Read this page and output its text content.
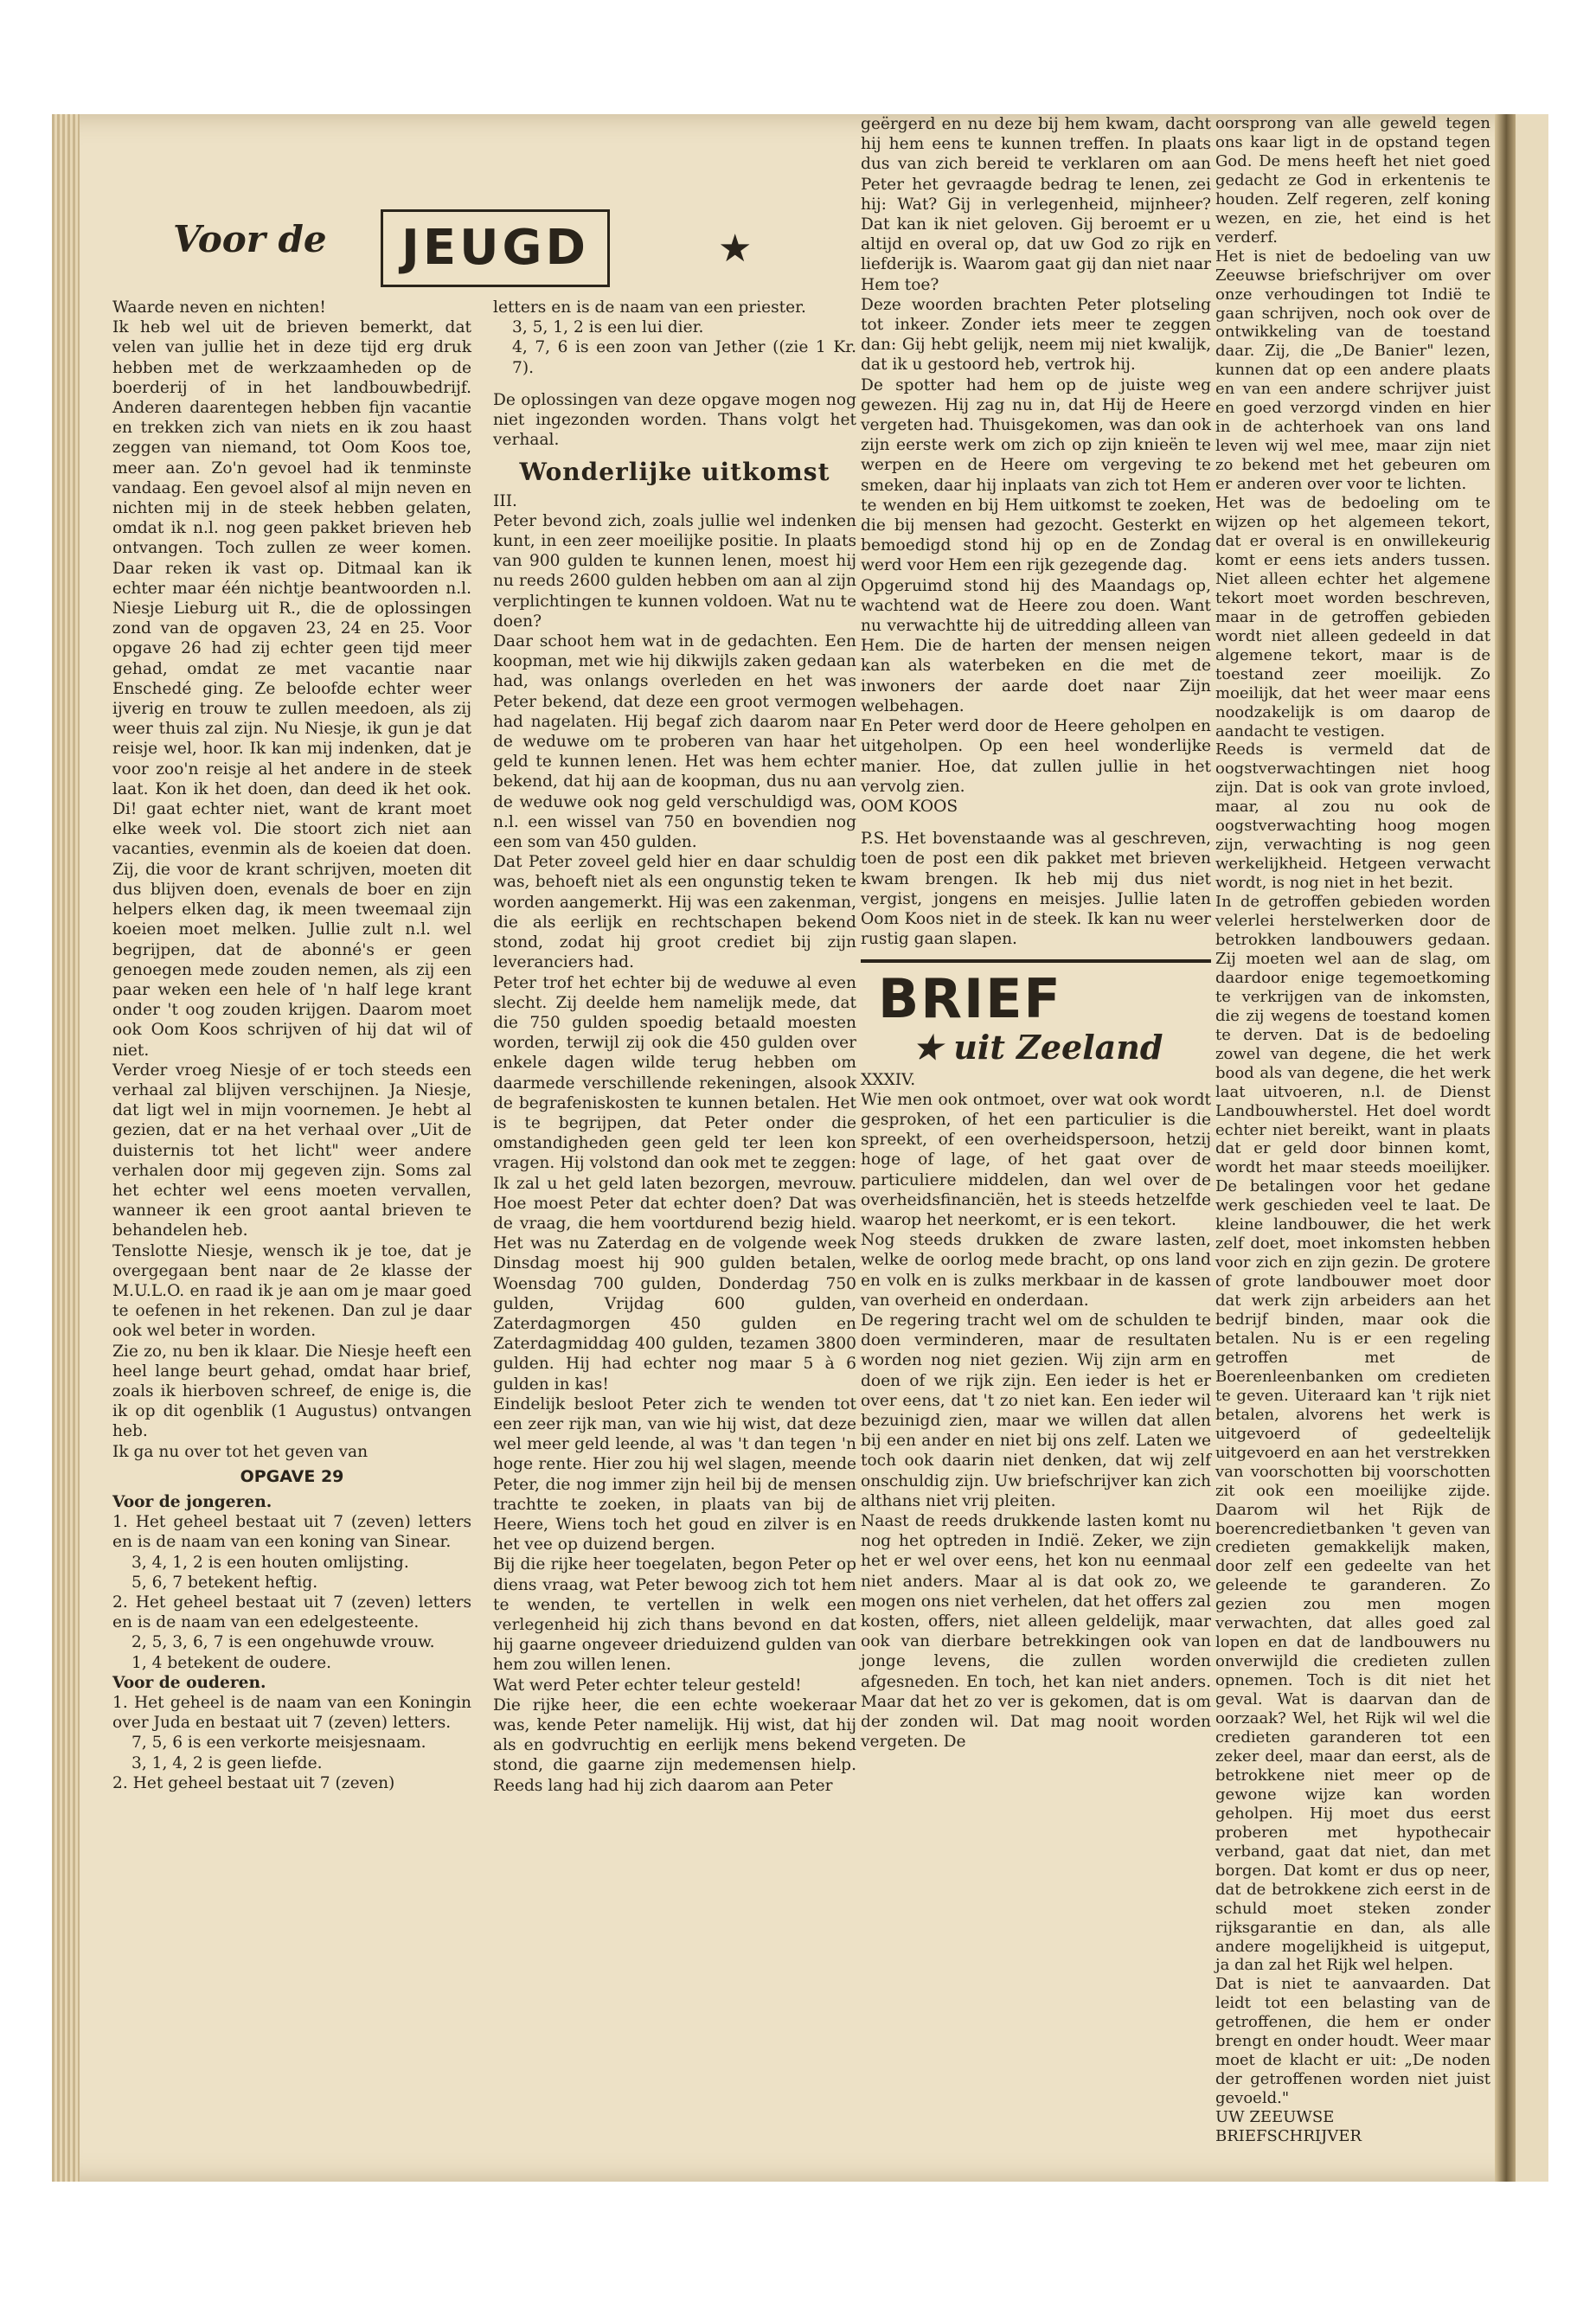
Voor de	JEUGD	★

Waarde neven en nichten!

Ik heb wel uit de brieven bemerkt, dat velen van jullie het in deze tijd erg druk hebben met de werkzaamheden op de boerderij of in het landbouwbedrijf. Anderen daarentegen hebben fijn vacantie en trekken zich van niets en ik zou haast zeggen van niemand, tot Oom Koos toe, meer aan. Zo'n gevoel had ik tenminste vandaag. Een gevoel alsof al mijn neven en nichten mij in de steek hebben gelaten, omdat ik n.l. nog geen pakket brieven heb ontvangen. Toch zullen ze weer komen. Daar reken ik vast op. Ditmaal kan ik echter maar één nichtje beantwoorden n.l. Niesje Lieburg uit R., die de oplossingen zond van de opgaven 23, 24 en 25. Voor opgave 26 had zij echter geen tijd meer gehad, omdat ze met vacantie naar Enschedé ging. Ze beloofde echter weer ijverig en trouw te zullen meedoen, als zij weer thuis zal zijn. Nu Niesje, ik gun je dat reisje wel, hoor. Ik kan mij indenken, dat je voor zoo'n reisje al het andere in de steek laat. Kon ik het doen, dan deed ik het ook. Di! gaat echter niet, want de krant moet elke week vol. Die stoort zich niet aan vacanties, evenmin als de koeien dat doen. Zij, die voor de krant schrijven, moeten dit dus blijven doen, evenals de boer en zijn helpers elken dag, ik meen tweemaal zijn koeien moet melken. Jullie zult n.l. wel begrijpen, dat de abonné's er geen genoegen mede zouden nemen, als zij een paar weken een hele of 'n half lege krant onder 't oog zouden krijgen. Daarom moet ook Oom Koos schrijven of hij dat wil of niet.

Verder vroeg Niesje of er toch steeds een verhaal zal blijven verschijnen. Ja Niesje, dat ligt wel in mijn voornemen. Je hebt al gezien, dat er na het verhaal over „Uit de duisternis tot het licht" weer andere verhalen door mij gegeven zijn. Soms zal het echter wel eens moeten vervallen, wanneer ik een groot aantal brieven te behandelen heb.

Tenslotte Niesje, wensch ik je toe, dat je overgegaan bent naar de 2e klasse der M.U.L.O. en raad ik je aan om je maar goed te oefenen in het rekenen. Dan zul je daar ook wel beter in worden.

Zie zo, nu ben ik klaar. Die Niesje heeft een heel lange beurt gehad, omdat haar brief, zoals ik hierboven schreef, de enige is, die ik op dit ogenblik (1 Augustus) ontvangen heb.

Ik ga nu over tot het geven van

OPGAVE 29

Voor de jongeren.

1. Het geheel bestaat uit 7 (zeven) letters en is de naam van een koning van Sinear.

3, 4, 1, 2 is een houten omlijsting.

5, 6, 7 betekent heftig.

2. Het geheel bestaat uit 7 (zeven) letters en is de naam van een edelgesteente.

2, 5, 3, 6, 7 is een ongehuwde vrouw.

1, 4 betekent de oudere.

Voor de ouderen.

1. Het geheel is de naam van een Koningin over Juda en bestaat uit 7 (zeven) letters.

7, 5, 6 is een verkorte meisjesnaam.

3, 1, 4, 2 is geen liefde.

2. Het geheel bestaat uit 7 (zeven)

letters en is de naam van een priester.

3, 5, 1, 2 is een lui dier.

4, 7, 6 is een zoon van Jether ((zie 1 Kr. 7).

De oplossingen van deze opgave mogen nog niet ingezonden worden. Thans volgt het verhaal.

Wonderlijke uitkomst

III.

Peter bevond zich, zoals jullie wel indenken kunt, in een zeer moeilijke positie. In plaats van 900 gulden te kunnen lenen, moest hij nu reeds 2600 gulden hebben om aan al zijn verplichtingen te kunnen voldoen. Wat nu te doen?

Daar schoot hem wat in de gedachten. Een koopman, met wie hij dikwijls zaken gedaan had, was onlangs overleden en het was Peter bekend, dat deze een groot vermogen had nagelaten. Hij begaf zich daarom naar de weduwe om te proberen van haar het geld te kunnen lenen. Het was hem echter bekend, dat hij aan de koopman, dus nu aan de weduwe ook nog geld verschuldigd was, n.l. een wissel van 750 en bovendien nog een som van 450 gulden.

Dat Peter zoveel geld hier en daar schuldig was, behoeft niet als een ongunstig teken te worden aangemerkt. Hij was een zakenman, die als eerlijk en rechtschapen bekend stond, zodat hij groot crediet bij zijn leveranciers had.

Peter trof het echter bij de weduwe al even slecht. Zij deelde hem namelijk mede, dat die 750 gulden spoedig betaald moesten worden, terwijl zij ook die 450 gulden over enkele dagen wilde terug hebben om daarmede verschillende rekeningen, alsook de begrafeniskosten te kunnen betalen. Het is te begrijpen, dat Peter onder die omstandigheden geen geld ter leen kon vragen. Hij volstond dan ook met te zeggen: Ik zal u het geld laten bezorgen, mevrouw. Hoe moest Peter dat echter doen? Dat was de vraag, die hem voortdurend bezig hield. Het was nu Zaterdag en de volgende week Dinsdag moest hij 900 gulden betalen, Woensdag 700 gulden, Donderdag 750 gulden, Vrijdag 600 gulden, Zaterdagmorgen 450 gulden en Zaterdagmiddag 400 gulden, tezamen 3800 gulden. Hij had echter nog maar 5 à 6 gulden in kas!

Eindelijk besloot Peter zich te wenden tot een zeer rijk man, van wie hij wist, dat deze wel meer geld leende, al was 't dan tegen 'n hoge rente. Hier zou hij wel slagen, meende Peter, die nog immer zijn heil bij de mensen trachtte te zoeken, in plaats van bij de Heere, Wiens toch het goud en zilver is en het vee op duizend bergen.

Bij die rijke heer toegelaten, begon Peter op diens vraag, wat Peter bewoog zich tot hem te wenden, te vertellen in welk een verlegenheid hij zich thans bevond en dat hij gaarne ongeveer drieduizend gulden van hem zou willen lenen.

Wat werd Peter echter teleur gesteld!

Die rijke heer, die een echte woekeraar was, kende Peter namelijk. Hij wist, dat hij als en godvruchtig en eerlijk mens bekend stond, die gaarne zijn medemensen hielp. Reeds lang had hij zich daarom aan Peter

geërgerd en nu deze bij hem kwam, dacht hij hem eens te kunnen treffen. In plaats dus van zich bereid te verklaren om aan Peter het gevraagde bedrag te lenen, zei hij: Wat? Gij in verlegenheid, mijnheer? Dat kan ik niet geloven. Gij beroemt er u altijd en overal op, dat uw God zo rijk en liefderijk is. Waarom gaat gij dan niet naar Hem toe?

Deze woorden brachten Peter plotseling tot inkeer. Zonder iets meer te zeggen dan: Gij hebt gelijk, neem mij niet kwalijk, dat ik u gestoord heb, vertrok hij.

De spotter had hem op de juiste weg gewezen. Hij zag nu in, dat Hij de Heere vergeten had. Thuisgekomen, was dan ook zijn eerste werk om zich op zijn knieën te werpen en de Heere om vergeving te smeken, daar hij inplaats van zich tot Hem te wenden en bij Hem uitkomst te zoeken, die bij mensen had gezocht. Gesterkt en bemoedigd stond hij op en de Zondag werd voor Hem een rijk gezegende dag.

Opgeruimd stond hij des Maandags op, wachtend wat de Heere zou doen. Want nu verwachtte hij de uitredding alleen van Hem. Die de harten der mensen neigen kan als waterbeken en die met de inwoners der aarde doet naar Zijn welbehagen.

En Peter werd door de Heere geholpen en uitgeholpen. Op een heel wonderlijke manier. Hoe, dat zullen jullie in het vervolg zien.

OOM KOOS

P.S. Het bovenstaande was al geschreven, toen de post een dik pakket met brieven kwam brengen. Ik heb mij dus niet vergist, jongens en meisjes. Jullie laten Oom Koos niet in de steek. Ik kan nu weer rustig gaan slapen.

BRIEF
★ uit Zeeland

XXXIV.

Wie men ook ontmoet, over wat ook wordt gesproken, of het een particulier is die spreekt, of een overheidspersoon, hetzij hoge of lage, of het gaat over de particuliere middelen, dan wel over de overheidsfinanciën, het is steeds hetzelfde waarop het neerkomt, er is een tekort.

Nog steeds drukken de zware lasten, welke de oorlog mede bracht, op ons land en volk en is zulks merkbaar in de kassen van overheid en onderdaan.

De regering tracht wel om de schulden te doen verminderen, maar de resultaten worden nog niet gezien. Wij zijn arm en doen of we rijk zijn. Een ieder is het er over eens, dat 't zo niet kan. Een ieder wil bezuinigd zien, maar we willen dat allen bij een ander en niet bij ons zelf. Laten we toch ook daarin niet denken, dat wij zelf onschuldig zijn. Uw briefschrijver kan zich althans niet vrij pleiten.

Naast de reeds drukkende lasten komt nu nog het optreden in Indië. Zeker, we zijn het er wel over eens, het kon nu eenmaal niet anders. Maar al is dat ook zo, we mogen ons niet verhelen, dat het offers zal kosten, offers, niet alleen geldelijk, maar ook van dierbare betrekkingen ook van jonge levens, die zullen worden afgesneden. En toch, het kan niet anders. Maar dat het zo ver is gekomen, dat is om der zonden wil. Dat mag nooit worden vergeten. De

oorsprong van alle geweld tegen ons kaar ligt in de opstand tegen God. De mens heeft het niet goed gedacht ze God in erkentenis te houden. Zelf regeren, zelf koning wezen, en zie, het eind is het verderf.

Het is niet de bedoeling van uw Zeeuwse briefschrijver om over onze verhoudingen tot Indië te gaan schrijven, noch ook over de ontwikkeling van de toestand daar. Zij, die „De Banier" lezen, kunnen dat op een andere plaats en van een andere schrijver juist en goed verzorgd vinden en hier in de achterhoek van ons land leven wij wel mee, maar zijn niet zo bekend met het gebeuren om er anderen over voor te lichten.

Het was de bedoeling om te wijzen op het algemeen tekort, dat er overal is en onwillekeurig komt er eens iets anders tussen. Niet alleen echter het algemene tekort moet worden beschreven, maar in de getroffen gebieden wordt niet alleen gedeeld in dat algemene tekort, maar is de toestand zeer moeilijk. Zo moeilijk, dat het weer maar eens noodzakelijk is om daarop de aandacht te vestigen.

Reeds is vermeld dat de oogstverwachtingen niet hoog zijn. Dat is ook van grote invloed, maar, al zou nu ook de oogstverwachting hoog mogen zijn, verwachting is nog geen werkelijkheid. Hetgeen verwacht wordt, is nog niet in het bezit.

In de getroffen gebieden worden velerlei herstelwerken door de betrokken landbouwers gedaan. Zij moeten wel aan de slag, om daardoor enige tegemoetkoming te verkrijgen van de inkomsten, die zij wegens de toestand komen te derven. Dat is de bedoeling zowel van degene, die het werk bood als van degene, die het werk laat uitvoeren, n.l. de Dienst Landbouwherstel. Het doel wordt echter niet bereikt, want in plaats dat er geld door binnen komt, wordt het maar steeds moeilijker. De betalingen voor het gedane werk geschieden veel te laat. De kleine landbouwer, die het werk zelf doet, moet inkomsten hebben voor zich en zijn gezin. De grotere of grote landbouwer moet door dat werk zijn arbeiders aan het bedrijf binden, maar ook die betalen. Nu is er een regeling getroffen met de Boerenleenbanken om credieten te geven. Uiteraard kan 't rijk niet betalen, alvorens het werk is uitgevoerd of gedeeltelijk uitgevoerd en aan het verstrekken van voorschotten bij voorschotten zit ook een moeilijke zijde. Daarom wil het Rijk de boerencredietbanken 't geven van credieten gemakkelijk maken, door zelf een gedeelte van het geleende te garanderen. Zo gezien zou men mogen verwachten, dat alles goed zal lopen en dat de landbouwers nu onverwijld die credieten zullen opnemen. Toch is dit niet het geval. Wat is daarvan dan de oorzaak? Wel, het Rijk wil wel die credieten garanderen tot een zeker deel, maar dan eerst, als de betrokkene niet meer op de gewone wijze kan worden geholpen. Hij moet dus eerst proberen met hypothecair verband, gaat dat niet, dan met borgen. Dat komt er dus op neer, dat de betrokkene zich eerst in de schuld moet steken zonder rijksgarantie en dan, als alle andere mogelijkheid is uitgeput, ja dan zal het Rijk wel helpen.

Dat is niet te aanvaarden. Dat leidt tot een belasting van de getroffenen, die hem er onder brengt en onder houdt. Weer maar moet de klacht er uit: „De noden der getroffenen worden niet juist gevoeld."

UW ZEEUWSE

BRIEFSCHRIJVER
